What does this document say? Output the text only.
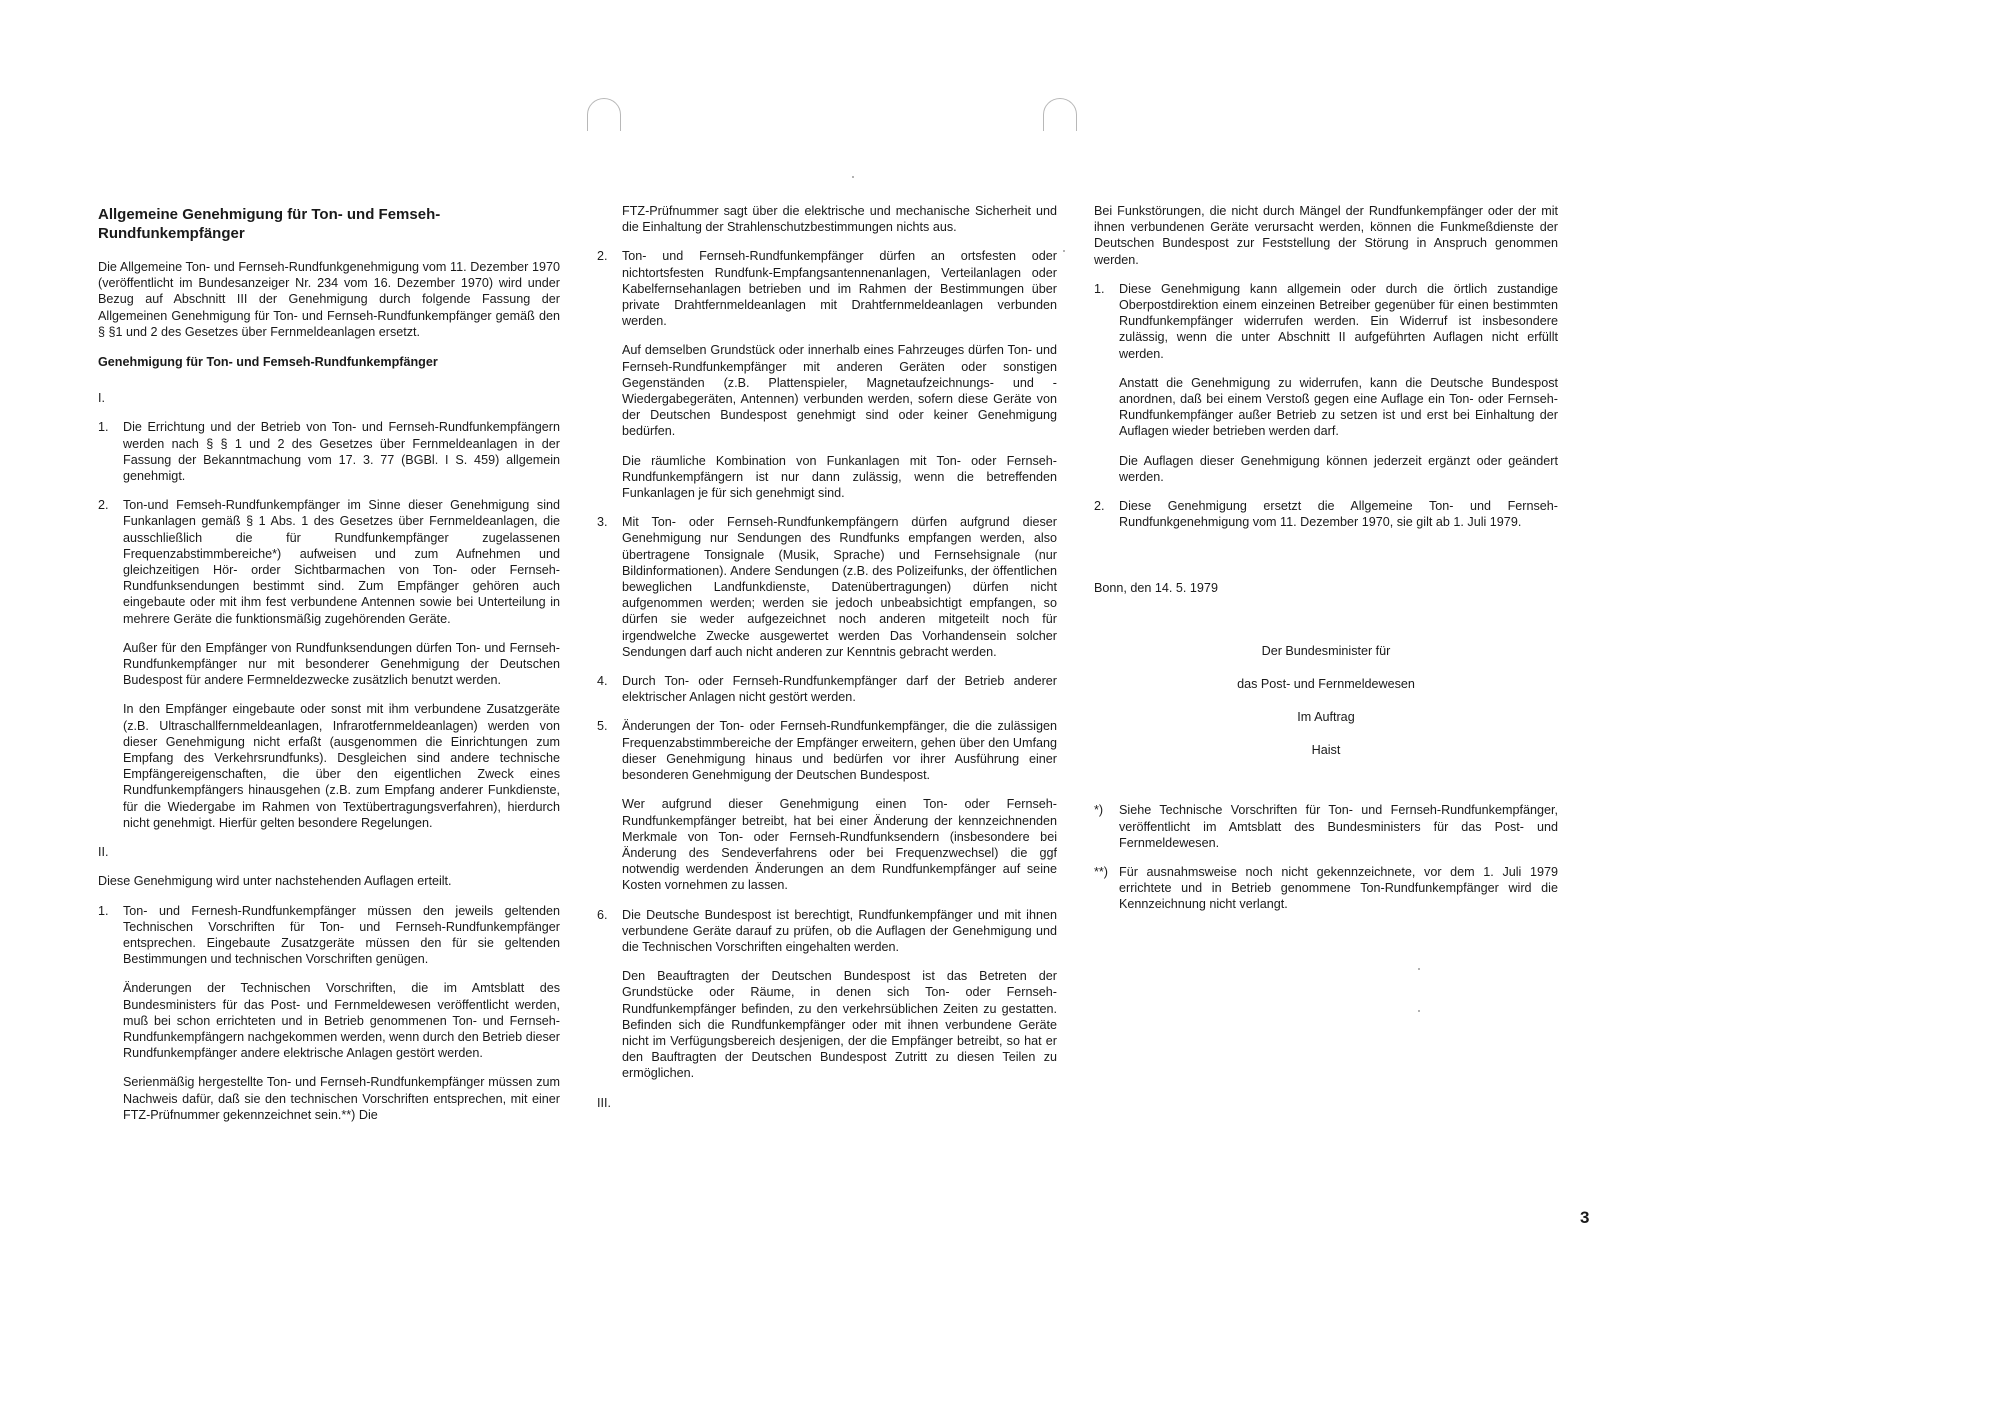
Allgemeine Genehmigung für Ton- und Femseh-Rundfunkempfänger

Die Allgemeine Ton- und Fernseh-Rundfunkgenehmigung vom 11. Dezember 1970 (veröffentlicht im Bundesanzeiger Nr. 234 vom 16. Dezember 1970) wird under Bezug auf Abschnitt III der Genehmigung durch folgende Fassung der Allgemeinen Genehmigung für Ton- und Fernseh-Rundfunkempfänger gemäß den § §1 und 2 des Gesetzes über Fernmeldeanlagen ersetzt.

Genehmigung für Ton- und Femseh-Rundfunkempfänger

I.

1. Die Errichtung und der Betrieb von Ton- und Fernseh-Rundfunkempfängern werden nach § § 1 und 2 des Gesetzes über Fernmeldeanlagen in der Fassung der Bekanntmachung vom 17. 3. 77 (BGBl. I S. 459) allgemein genehmigt.
2. Ton-und Femseh-Rundfunkempfänger im Sinne dieser Genehmigung sind Funkanlagen gemäß § 1 Abs. 1 des Gesetzes über Fernmeldeanlagen, die ausschließlich die für Rundfunkempfänger zugelassenen Frequenzabstimmbereiche*) aufweisen und zum Aufnehmen und gleichzeitigen Hör- order Sichtbarmachen von Ton- oder Fernseh-Rundfunksendungen bestimmt sind. Zum Empfänger gehören auch eingebaute oder mit ihm fest verbundene Antennen sowie bei Unterteilung in mehrere Geräte die funktionsmäßig zugehörenden Geräte.

Außer für den Empfänger von Rundfunksendungen dürfen Ton- und Fernseh-Rundfunkempfänger nur mit besonderer Genehmigung der Deutschen Budespost für andere Fermneldezwecke zusätzlich benutzt werden.

In den Empfänger eingebaute oder sonst mit ihm verbundene Zusatzgeräte (z.B. Ultraschallfernmeldeanlagen, Infrarotfernmeldeanlagen) werden von dieser Genehmigung nicht erfaßt (ausgenommen die Einrichtungen zum Empfang des Verkehrsrundfunks). Desgleichen sind andere technische Empfängereigenschaften, die über den eigentlichen Zweck eines Rundfunkempfängers hinausgehen (z.B. zum Empfang anderer Funkdienste, für die Wiedergabe im Rahmen von Textübertragungsverfahren), hierdurch nicht genehmigt. Hierfür gelten besondere Regelungen.

II.

Diese Genehmigung wird unter nachstehenden Auflagen erteilt.

1. Ton- und Fernesh-Rundfunkempfänger müssen den jeweils geltenden Technischen Vorschriften für Ton- und Fernseh-Rundfunkempfänger entsprechen. Eingebaute Zusatzgeräte müssen den für sie geltenden Bestimmungen und technischen Vorschriften genügen.

Änderungen der Technischen Vorschriften, die im Amtsblatt des Bundesministers für das Post- und Fernmeldewesen veröffentlicht werden, muß bei schon errichteten und in Betrieb genommenen Ton- und Fernseh-Rundfunkempfängern nachgekommen werden, wenn durch den Betrieb dieser Rundfunkempfänger andere elektrische Anlagen gestört werden.

Serienmäßig hergestellte Ton- und Fernseh-Rundfunkempfänger müssen zum Nachweis dafür, daß sie den technischen Vorschriften entsprechen, mit einer FTZ-Prüfnummer gekennzeichnet sein.**) Die

FTZ-Prüfnummer sagt über die elektrische und mechanische Sicherheit und die Einhaltung der Strahlenschutzbestimmungen nichts aus.

2. Ton- und Fernseh-Rundfunkempfänger dürfen an ortsfesten oder nichtortsfesten Rundfunk-Empfangsantennenanlagen, Verteilanlagen oder Kabelfernsehanlagen betrieben und im Rahmen der Bestimmungen über private Drahtfernmeldeanlagen mit Drahtfernmeldeanlagen verbunden werden.

Auf demselben Grundstück oder innerhalb eines Fahrzeuges dürfen Ton- und Fernseh-Rundfunkempfänger mit anderen Geräten oder sonstigen Gegenständen (z.B. Plattenspieler, Magnetaufzeichnungs- und -Wiedergabegeräten, Antennen) verbunden werden, sofern diese Geräte von der Deutschen Bundespost genehmigt sind oder keiner Genehmigung bedürfen.

Die räumliche Kombination von Funkanlagen mit Ton- oder Fernseh-Rundfunkempfängern ist nur dann zulässig, wenn die betreffenden Funkanlagen je für sich genehmigt sind.

3. Mit Ton- oder Fernseh-Rundfunkempfängern dürfen aufgrund dieser Genehmigung nur Sendungen des Rundfunks empfangen werden, also übertragene Tonsignale (Musik, Sprache) und Fernsehsignale (nur Bildinformationen). Andere Sendungen (z.B. des Polizeifunks, der öffentlichen beweglichen Landfunkdienste, Datenübertragungen) dürfen nicht aufgenommen werden; werden sie jedoch unbeabsichtigt empfangen, so dürfen sie weder aufgezeichnet noch anderen mitgeteilt noch für irgendwelche Zwecke ausgewertet werden Das Vorhandensein solcher Sendungen darf auch nicht anderen zur Kenntnis gebracht werden.
4. Durch Ton- oder Fernseh-Rundfunkempfänger darf der Betrieb anderer elektrischer Anlagen nicht gestört werden.
5. Änderungen der Ton- oder Fernseh-Rundfunkempfänger, die die zulässigen Frequenzabstimmbereiche der Empfänger erweitern, gehen über den Umfang dieser Genehmigung hinaus und bedürfen vor ihrer Ausführung einer besonderen Genehmigung der Deutschen Bundespost.

Wer aufgrund dieser Genehmigung einen Ton- oder Fernseh-Rundfunkempfänger betreibt, hat bei einer Änderung der kennzeichnenden Merkmale von Ton- oder Fernseh-Rundfunksendern (insbesondere bei Änderung des Sendeverfahrens oder bei Frequenzwechsel) die ggf notwendig werdenden Änderungen an dem Rundfunkempfänger auf seine Kosten vornehmen zu lassen.

6. Die Deutsche Bundespost ist berechtigt, Rundfunkempfänger und mit ihnen verbundene Geräte darauf zu prüfen, ob die Auflagen der Genehmigung und die Technischen Vorschriften eingehalten werden.

Den Beauftragten der Deutschen Bundespost ist das Betreten der Grundstücke oder Räume, in denen sich Ton- oder Fernseh-Rundfunkempfänger befinden, zu den verkehrsüblichen Zeiten zu gestatten. Befinden sich die Rundfunkempfänger oder mit ihnen verbundene Geräte nicht im Verfügungsbereich desjenigen, der die Empfänger betreibt, so hat er den Bauftragten der Deutschen Bundespost Zutritt zu diesen Teilen zu ermöglichen.

III.

Bei Funkstörungen, die nicht durch Mängel der Rundfunkempfänger oder der mit ihnen verbundenen Geräte verursacht werden, können die Funkmeßdienste der Deutschen Bundespost zur Feststellung der Störung in Anspruch genommen werden.

1. Diese Genehmigung kann allgemein oder durch die örtlich zustandige Oberpostdirektion einem einzeinen Betreiber gegenüber für einen bestimmten Rundfunkempfänger widerrufen werden. Ein Widerruf ist insbesondere zulässig, wenn die unter Abschnitt II aufgeführten Auflagen nicht erfüllt werden.

Anstatt die Genehmigung zu widerrufen, kann die Deutsche Bundespost anordnen, daß bei einem Verstoß gegen eine Auflage ein Ton- oder Fernseh-Rundfunkempfänger außer Betrieb zu setzen ist und erst bei Einhaltung der Auflagen wieder betrieben werden darf.

Die Auflagen dieser Genehmigung können jederzeit ergänzt oder geändert werden.

2. Diese Genehmigung ersetzt die Allgemeine Ton- und Fernseh-Rundfunkgenehmigung vom 11. Dezember 1970, sie gilt ab 1. Juli 1979.

Bonn, den 14. 5. 1979

Der Bundesminister für

das Post- und Fernmeldewesen

Im Auftrag

Haist

*) Siehe Technische Vorschriften für Ton- und Fernseh-Rundfunkempfänger, veröffentlicht im Amtsblatt des Bundesministers für das Post- und Fernmeldewesen.
**) Für ausnahmsweise noch nicht gekennzeichnete, vor dem 1. Juli 1979 errichtete und in Betrieb genommene Ton-Rundfunkempfänger wird die Kennzeichnung nicht verlangt.
3
